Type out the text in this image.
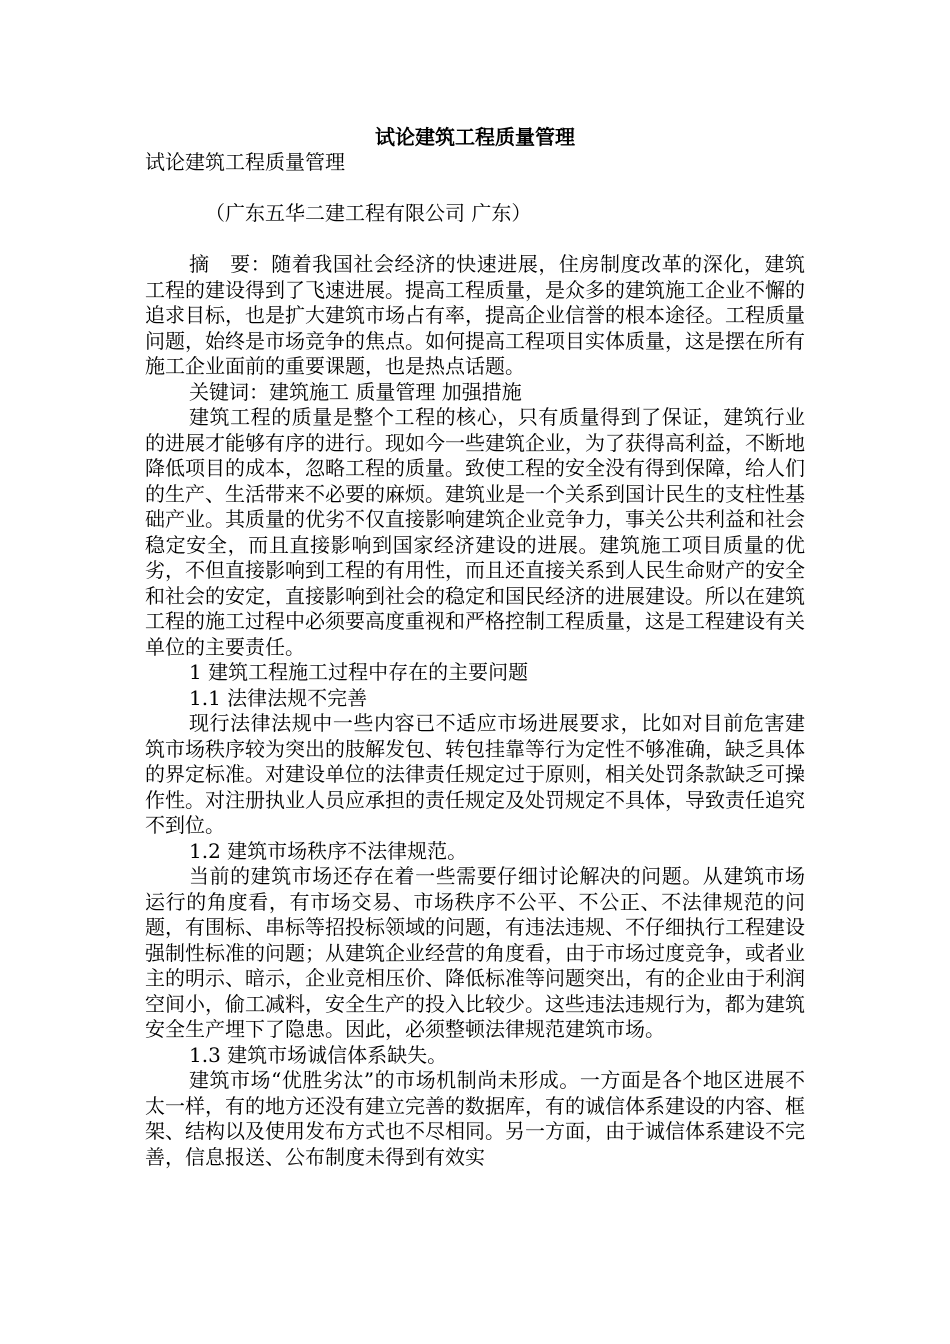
试论建筑工程质量管理

试论建筑工程质量管理

（广东五华二建工程有限公司 广东）

摘　要：随着我国社会经济的快速进展，住房制度改革的深化，建筑工程的建设得到了飞速进展。提高工程质量，是众多的建筑施工企业不懈的追求目标，也是扩大建筑市场占有率，提高企业信誉的根本途径。工程质量问题，始终是市场竞争的焦点。如何提高工程项目实体质量，这是摆在所有施工企业面前的重要课题，也是热点话题。

关键词：建筑施工 质量管理 加强措施

建筑工程的质量是整个工程的核心，只有质量得到了保证，建筑行业的进展才能够有序的进行。现如今一些建筑企业，为了获得高利益，不断地降低项目的成本，忽略工程的质量。致使工程的安全没有得到保障，给人们的生产、生活带来不必要的麻烦。建筑业是一个关系到国计民生的支柱性基础产业。其质量的优劣不仅直接影响建筑企业竞争力，事关公共利益和社会稳定安全，而且直接影响到国家经济建设的进展。建筑施工项目质量的优劣，不但直接影响到工程的有用性，而且还直接关系到人民生命财产的安全和社会的安定，直接影响到社会的稳定和国民经济的进展建设。所以在建筑工程的施工过程中必须要高度重视和严格控制工程质量，这是工程建设有关单位的主要责任。

1 建筑工程施工过程中存在的主要问题

1.1 法律法规不完善

现行法律法规中一些内容已不适应市场进展要求，比如对目前危害建筑市场秩序较为突出的肢解发包、转包挂靠等行为定性不够准确，缺乏具体的界定标准。对建设单位的法律责任规定过于原则，相关处罚条款缺乏可操作性。对注册执业人员应承担的责任规定及处罚规定不具体，导致责任追究不到位。

1.2 建筑市场秩序不法律规范。

当前的建筑市场还存在着一些需要仔细讨论解决的问题。从建筑市场运行的角度看，有市场交易、市场秩序不公平、不公正、不法律规范的问题，有围标、串标等招投标领域的问题，有违法违规、不仔细执行工程建设强制性标准的问题；从建筑企业经营的角度看，由于市场过度竞争，或者业主的明示、暗示，企业竞相压价、降低标准等问题突出，有的企业由于利润空间小，偷工减料，安全生产的投入比较少。这些违法违规行为，都为建筑安全生产埋下了隐患。因此，必须整顿法律规范建筑市场。

1.3 建筑市场诚信体系缺失。

建筑市场“优胜劣汰”的市场机制尚未形成。一方面是各个地区进展不太一样，有的地方还没有建立完善的数据库，有的诚信体系建设的内容、框架、结构以及使用发布方式也不尽相同。另一方面，由于诚信体系建设不完善，信息报送、公布制度未得到有效实
